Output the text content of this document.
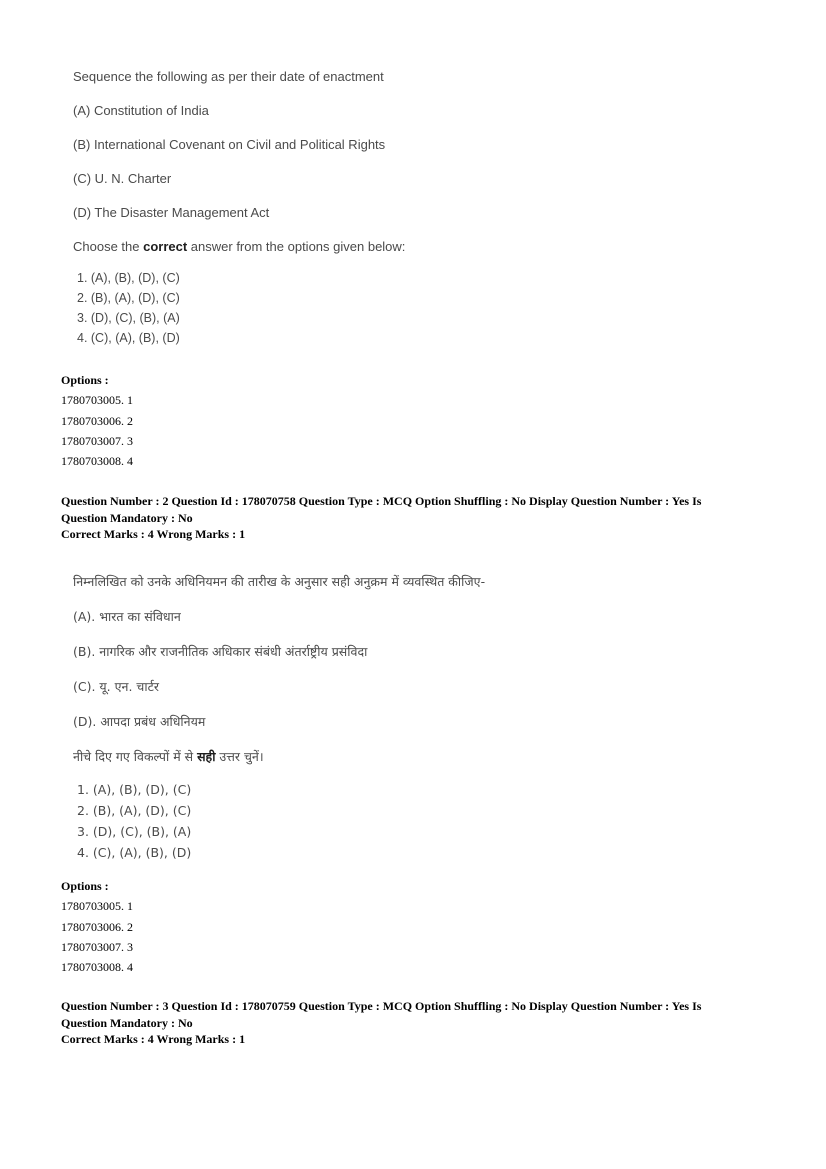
Sequence the following as per their date of enactment
(A) Constitution of India
(B) International Covenant on Civil and Political Rights
(C) U. N. Charter
(D) The Disaster Management Act
Choose the correct answer from the options given below:
1. (A), (B), (D), (C)
2. (B), (A), (D), (C)
3. (D), (C), (B), (A)
4. (C), (A), (B), (D)
Options :
1780703005. 1
1780703006. 2
1780703007. 3
1780703008. 4
Question Number : 2 Question Id : 178070758 Question Type : MCQ Option Shuffling : No Display Question Number : Yes Is
Question Mandatory : No
Correct Marks : 4 Wrong Marks : 1
निम्नलिखित को उनके अधिनियमन की तारीख के अनुसार सही अनुक्रम में व्यवस्थित कीजिए-
(A). भारत का संविधान
(B). नागरिक और राजनीतिक अधिकार संबंधी अंतर्राष्ट्रीय प्रसंविदा
(C). यू. एन. चार्टर
(D). आपदा प्रबंध अधिनियम
नीचे दिए गए विकल्पों में से सही उत्तर चुनें।
1. (A), (B), (D), (C)
2. (B), (A), (D), (C)
3. (D), (C), (B), (A)
4. (C), (A), (B), (D)
Options :
1780703005. 1
1780703006. 2
1780703007. 3
1780703008. 4
Question Number : 3 Question Id : 178070759 Question Type : MCQ Option Shuffling : No Display Question Number : Yes Is
Question Mandatory : No
Correct Marks : 4 Wrong Marks : 1
